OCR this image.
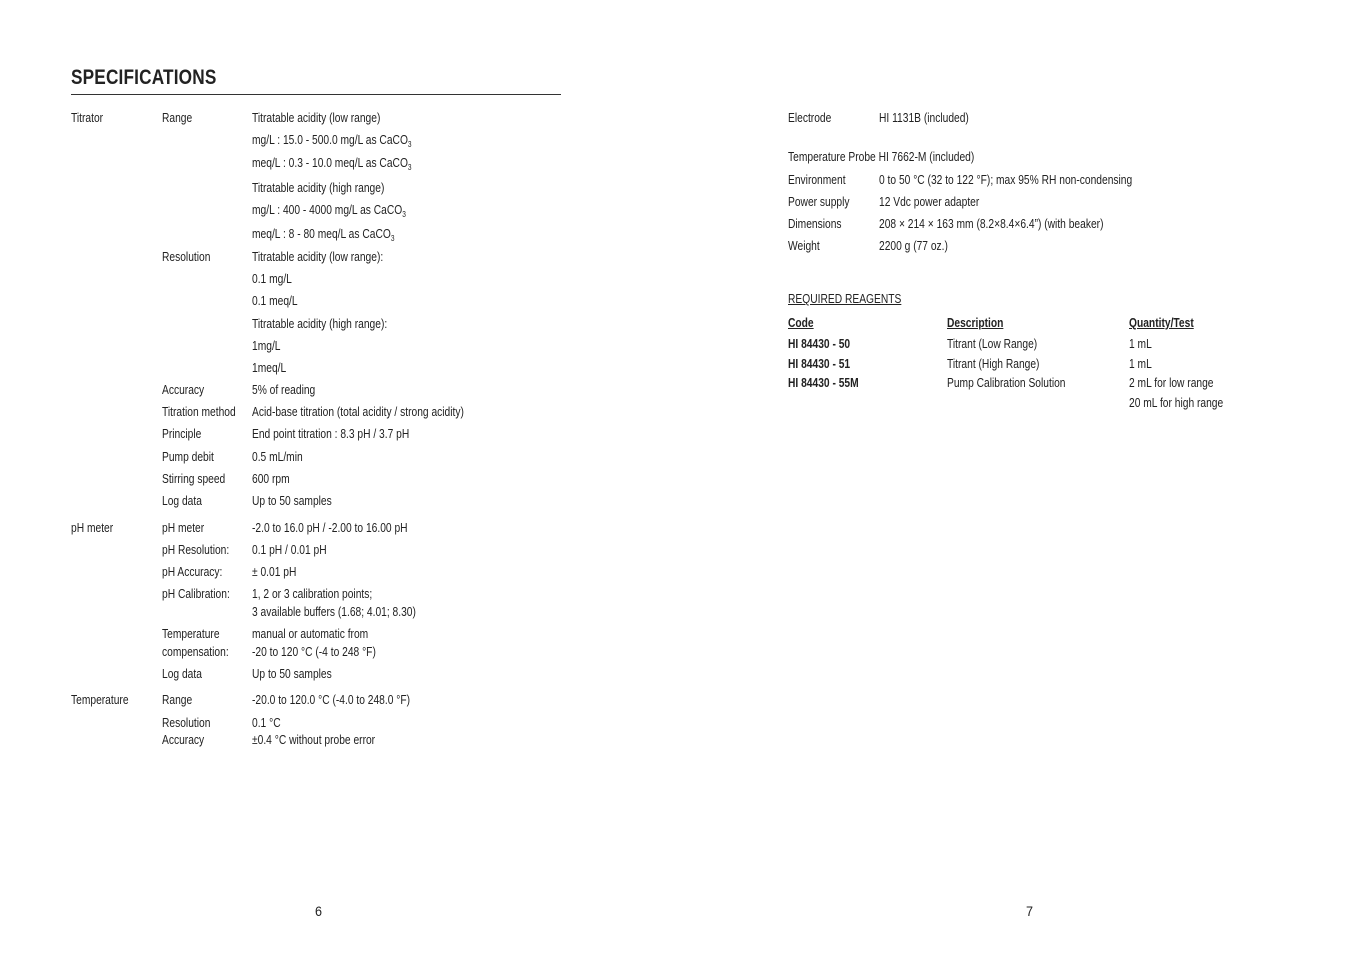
SPECIFICATIONS
Titrator	Range	Titratable acidity (low range)
mg/L : 15.0 - 500.0 mg/L as CaCO$_3$
meq/L : 0.3 - 10.0 meq/L as CaCO$_3$
Titratable acidity (high range)
mg/L : 400 - 4000 mg/L as CaCO$_3$
meq/L : 8 - 80 meq/L as CaCO$_3$
Resolution	Titratable acidity (low range):
0.1 mg/L
0.1 meq/L
Titratable acidity (high range):
1mg/L
1meq/L
Accuracy	5% of reading
Titration method Acid-base titration (total acidity / strong acidity)
Principle	End point titration : 8.3 pH / 3.7 pH
Pump debit	0.5 mL/min
Stirring speed 600 rpm
Log data	Up to 50 samples
pH meter	pH meter	-2.0 to 16.0 pH / -2.00 to 16.00 pH
pH Resolution: 0.1 pH / 0.01 pH
pH Accuracy: ± 0.01 pH
pH Calibration: 1, 2 or 3 calibration points;
3 available buffers (1.68; 4.01; 8.30)
Temperature
compensation:
manual or automatic from
-20 to 120 °C (-4 to 248 °F)
Log data	Up to 50 samples
Temperature	Range	-20.0 to 120.0 °C (-4.0 to 248.0 °F)
Resolution	0.1 °C
Accuracy	±0.4 °C without probe error
6
Electrode	HI 1131B (included)
Temperature Probe HI 7662-M (included)
Environment	0 to 50 °C (32 to 122 °F); max 95% RH non-condensing
Power supply 12 Vdc power adapter
Dimensions	208 × 214 × 163 mm (8.2×8.4×6.4”) (with beaker)
Weight	2200 g (77 oz.)
REQUIRED REAGENTS
Code	Description	Quantity/Test
HI 84430 - 50	Titrant (Low Range)	1 mL
HI 84430 - 51	Titrant (High Range)	1 mL
HI 84430 - 55M	Pump Calibration Solution	2 mL for low range
20 mL for high range
7
